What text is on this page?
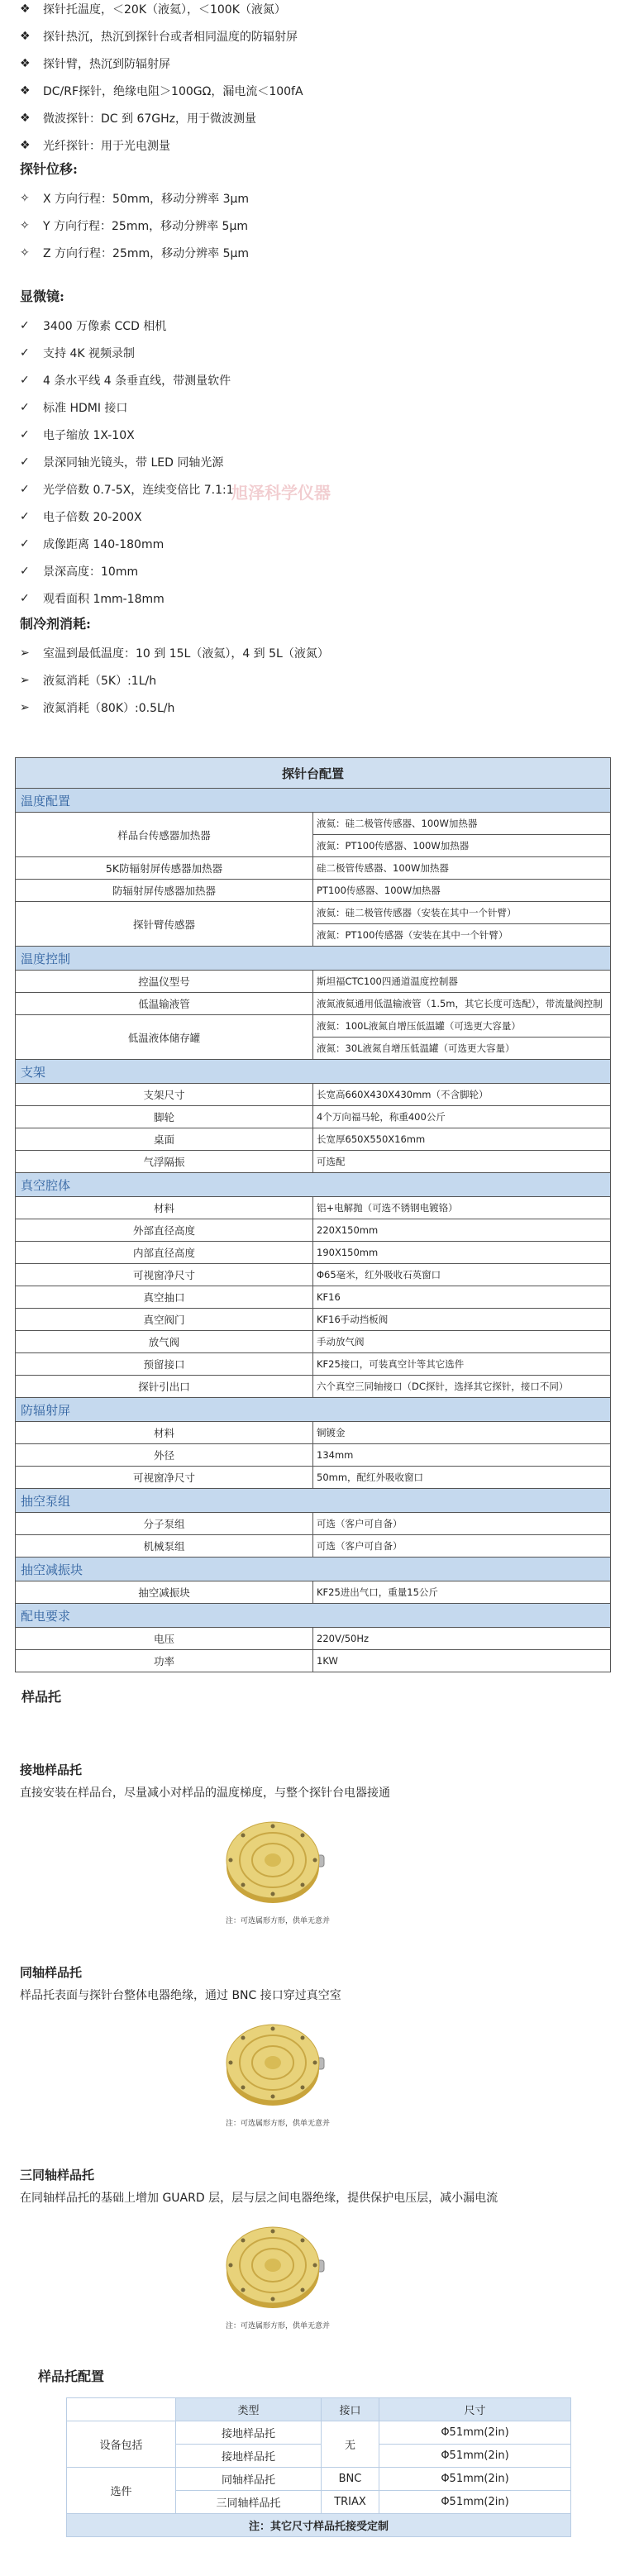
❖	探针托温度，＜20K（液氦），＜100K（液氮）
❖	探针热沉，热沉到探针台或者相同温度的防辐射屏
❖	探针臂，热沉到防辐射屏
❖	DC/RF探针，绝缘电阻＞100GΩ，漏电流＜100fA
❖	微波探针：DC 到 67GHz，用于微波测量
❖	光纤探针：用于光电测量

探针位移:

✧	X 方向行程：50mm，移动分辨率 3μm
✧	Y 方向行程：25mm，移动分辨率 5μm
✧	Z 方向行程：25mm，移动分辨率 5μm

显微镜:

✓	3400 万像素 CCD 相机
✓	支持 4K 视频录制
✓	4 条水平线 4 条垂直线，带测量软件
✓	标准 HDMI 接口
✓	电子缩放 1X-10X
✓	景深同轴光镜头，带 LED 同轴光源
✓	光学倍数 0.7-5X，连续变倍比 7.1:1
✓	电子倍数 20-200X
✓	成像距离 140-180mm
✓	景深高度：10mm
✓	观看面积 1mm-18mm
旭泽科学仪器

制冷剂消耗:

➢	室温到最低温度：10 到 15L（液氦），4 到 5L（液氮）
➢	液氦消耗（5K）:1L/h
➢	液氮消耗（80K）:0.5L/h
探针台配置	
温度配置	
样品台传感器加热器	液氦：硅二极管传感器、100W加热器
	液氮：PT100传感器、100W加热器
5K防辐射屏传感器加热器	硅二极管传感器、100W加热器
防辐射屏传感器加热器	PT100传感器、100W加热器
探针臂传感器	液氦：硅二极管传感器（安装在其中一个针臂）
	液氮：PT100传感器（安装在其中一个针臂）
温度控制	
控温仪型号	斯坦福CTC100四通道温度控制器
低温输液管	液氮液氦通用低温输液管（1.5m，其它长度可选配），带流量阀控制
低温液体储存罐	液氦：100L液氮自增压低温罐（可选更大容量）
	液氮：30L液氮自增压低温罐（可选更大容量）
支架	
支架尺寸	长宽高660X430X430mm（不含脚轮）
脚轮	4个万向福马轮，称重400公斤
桌面	长宽厚650X550X16mm
气浮隔振	可选配
真空腔体	
材料	铝+电解抛（可选不锈钢电镀铬）
外部直径高度	220X150mm
内部直径高度	190X150mm
可视窗净尺寸	Φ65毫米，红外吸收石英窗口
真空抽口	KF16
真空阀门	KF16手动挡板阀
放气阀	手动放气阀
预留接口	KF25接口，可装真空计等其它选件
探针引出口	六个真空三同轴接口（DC探针，选择其它探针，接口不同）
防辐射屏	
材料	铜镀金
外径	134mm
可视窗净尺寸	50mm，配红外吸收窗口
抽空泵组	
分子泵组	可选（客户可自备）
机械泵组	可选（客户可自备）
抽空减振块	
抽空减振块	KF25进出气口，重量15公斤
配电要求	
电压	220V/50Hz
功率	1KW
样品托
接地样品托
直接安装在样品台，尽量减小对样品的温度梯度，与整个探针台电器接通
注：可选属形方形，供单无意并
同轴样品托
样品托表面与探针台整体电器绝缘，通过 BNC 接口穿过真空室
注：可选属形方形，供单无意并
三同轴样品托
在同轴样品托的基础上增加 GUARD 层，层与层之间电器绝缘，提供保护电压层，减小漏电流
注：可选属形方形，供单无意并
样品托配置
	类型	接口	尺寸
设备包括	接地样品托	无	Φ51mm(2in)
	接地样品托		Φ51mm(2in)
选件	同轴样品托	BNC	Φ51mm(2in)
	三同轴样品托	TRIAX	Φ51mm(2in)
注：其它尺寸样品托接受定制			
